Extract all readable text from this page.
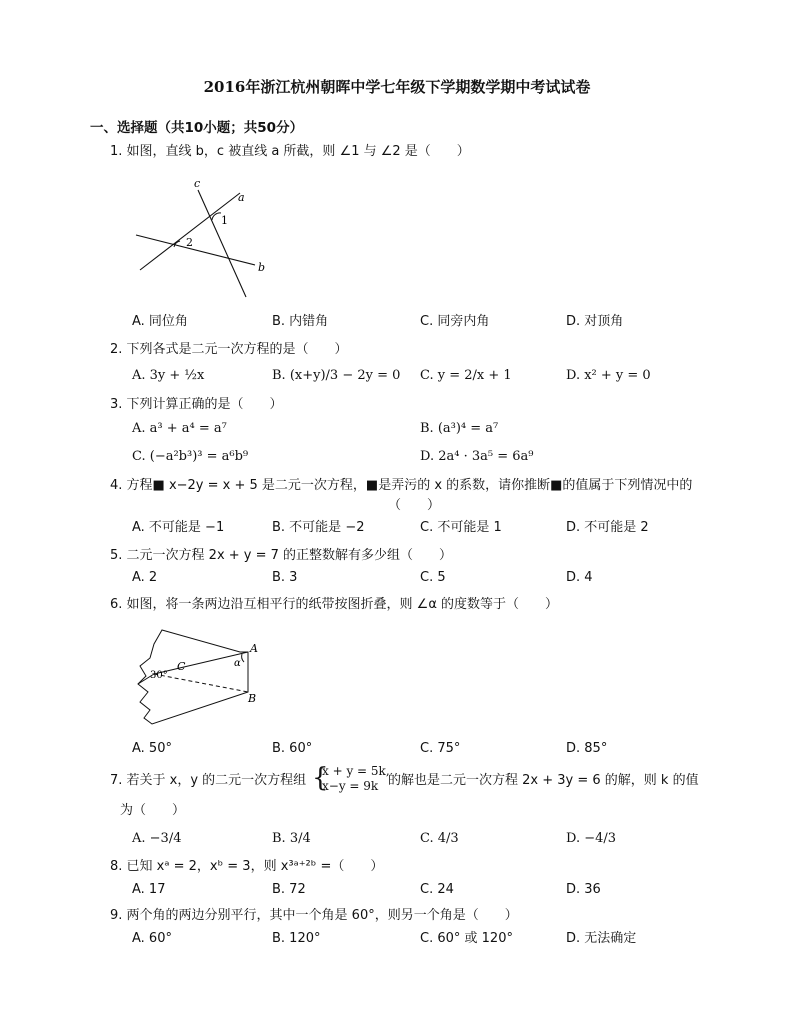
2016年浙江杭州朝晖中学七年级下学期数学期中考试试卷
一、选择题（共10小题；共50分）
1. 如图，直线 b，c 被直线 a 所截，则 ∠1 与 ∠2 是（　　）
c
a
1
2
b
A. 同位角	B. 内错角	C. 同旁内角	D. 对顶角
2. 下列各式是二元一次方程的是（　　）
A. 3y + ½x	B. (x+y)/3 − 2y = 0 C. y = 2/x + 1	D. x² + y = 0
3. 下列计算正确的是（　　）
A. a³ + a⁴ = a⁷	B. (a³)⁴ = a⁷
C. (−a²b³)³ = a⁶b⁹	D. 2a⁴ · 3a⁵ = 6a⁹
4. 方程■ x−2y = x + 5 是二元一次方程，■是弄污的 x 的系数，请你推断■的值属于下列情况中的
（　　）
A. 不可能是 −1	B. 不可能是 −2	C. 不可能是 1	D. 不可能是 2
5. 二元一次方程 2x + y = 7 的正整数解有多少组（　　）
A. 2	B. 3	C. 5	D. 4
6. 如图，将一条两边沿互相平行的纸带按图折叠，则 ∠α 的度数等于（　　）
A
B
C	α
30°
A. 50°	B. 60°	C. 75°	D. 85°
7. 若关于 x，y 的二元一次方程组 {
x + y = 5k,
x−y = 9k 的解也是二元一次方程 2x + 3y = 6 的解，则 k 的值
为（　　）
A. −3/4	B. 3/4	C. 4/3	D. −4/3
8. 已知 xᵃ = 2，xᵇ = 3，则 x³ᵃ⁺²ᵇ =（　　）
A. 17	B. 72	C. 24	D. 36
9. 两个角的两边分别平行，其中一个角是 60°，则另一个角是（　　）
A. 60°	B. 120°	C. 60° 或 120°	D. 无法确定
